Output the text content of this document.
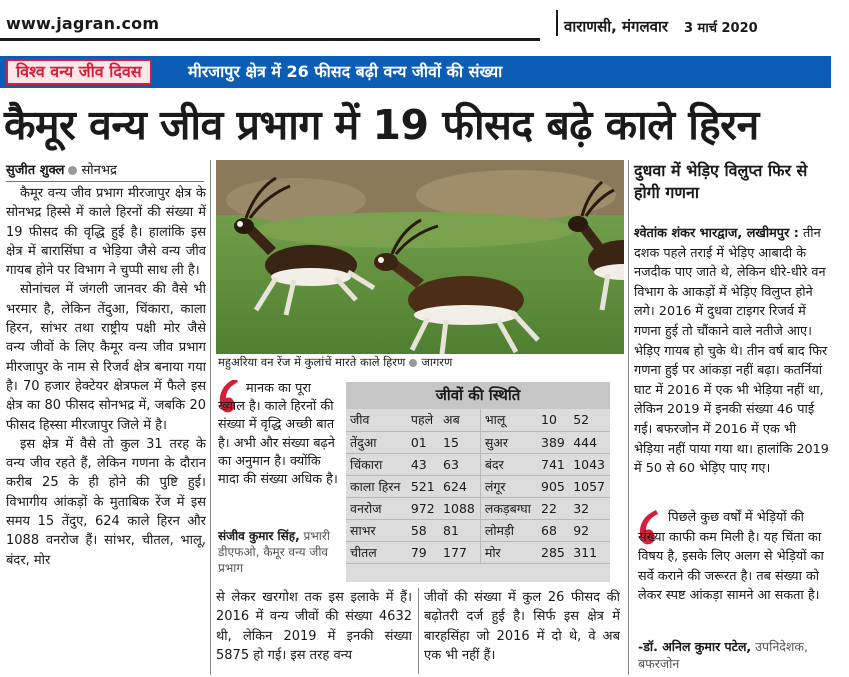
www.jagran.com	वाराणसी, मंगलवार 3 मार्च 2020
विश्व वन्य जीव दिवस	मीरजापुर क्षेत्र में 26 फीसद बढ़ी वन्य जीवों की संख्या
कैमूर वन्य जीव प्रभाग में 19 फीसद बढ़े काले हिरन
सुजीत शुक्ल सोनभद्र

कैमूर वन्य जीव प्रभाग मीरजापुर क्षेत्र के सोनभद्र हिस्से में काले हिरनों की संख्या में 19 फीसद की वृद्धि हुई है। हालांकि इस क्षेत्र में बारासिंघा व भेड़िया जैसे वन्य जीव गायब होने पर विभाग ने चुप्पी साध ली है।

सोनांचल में जंगली जानवर की वैसे भी भरमार है, लेकिन तेंदुआ, चिंकारा, काला हिरन, सांभर तथा राष्ट्रीय पक्षी मोर जैसे वन्य जीवों के लिए कैमूर वन्य जीव प्रभाग मीरजापुर के नाम से रिजर्व क्षेत्र बनाया गया है। 70 हजार हेक्टेयर क्षेत्रफल में फैले इस क्षेत्र का 80 फीसद सोनभद्र में, जबकि 20 फीसद हिस्सा मीरजापुर जिले में है।

इस क्षेत्र में वैसे तो कुल 31 तरह के वन्य जीव रहते हैं, लेकिन गणना के दौरान करीब 25 के ही होने की पुष्टि हुई। विभागीय आंकड़ों के मुताबिक रेंज में इस समय 15 तेंदुए, 624 काले हिरन और 1088 वनरोज हैं। सांभर, चीतल, भालू, बंदर, मोर

महुअरिया वन रेंज में कुलांचें मारते काले हिरण जागरण
मानक का पूरा ख्याल है। काले हिरनों की संख्या में वृद्धि अच्छी बात है। अभी और संख्या बढ़ने का अनुमान है। क्योंकि मादा की संख्या अधिक है।
संजीव कुमार सिंह, प्रभारी डीएफओ, कैमूर वन्य जीव प्रभाग
जीवों की स्थिति
जीव	पहले	अब	भालू	10	52
तेंदुआ	01	15	सुअर	389	444
चिंकारा	43	63	बंदर	741	1043
काला हिरन	521	624	लंगूर	905	1057
वनरोज	972	1088	लकड़बग्घा	22	32
साभर	58	81	लोमड़ी	68	92
चीतल	79	177	मोर	285	311

से लेकर खरगोश तक इस इलाके में हैं। 2016 में वन्य जीवों की संख्या 4632 थी, लेकिन 2019 में इनकी संख्या 5875 हो गई। इस तरह वन्य

जीवों की संख्या में कुल 26 फीसद की बढ़ोतरी दर्ज हुई है। सिर्फ इस क्षेत्र में बारहसिंहा जो 2016 में दो थे, वे अब एक भी नहीं हैं।

दुधवा में भेड़िए विलुप्त फिर से होगी गणना

श्वेतांक शंकर भारद्वाज, लखीमपुर : तीन दशक पहले तराई में भेड़िए आबादी के नजदीक पाए जाते थे, लेकिन धीरे-धीरे वन विभाग के आकड़ों में भेड़िए विलुप्त होने लगे। 2016 में दुधवा टाइगर रिजर्व में गणना हुई तो चौंकाने वाले नतीजे आए। भेड़िए गायब हो चुके थे। तीन वर्ष बाद फिर गणना हुई पर आंकड़ा नहीं बढ़ा। कतर्नियां घाट में 2016 में एक भी भेड़िया नहीं था, लेकिन 2019 में इनकी संख्या 46 पाई गई। बफरजोन में 2016 में एक भी भेड़िया नहीं पाया गया था। हालांकि 2019 में 50 से 60 भेड़िए पाए गए।

पिछले कुछ वर्षों में भेड़ियों की संख्या काफी कम मिली है। यह चिंता का विषय है, इसके लिए अलग से भेड़ियों का सर्वे कराने की जरूरत है। तब संख्या को लेकर स्पष्ट आंकड़ा सामने आ सकता है।
-डॉ. अनिल कुमार पटेल, उपनिदेशक, बफरजोन
